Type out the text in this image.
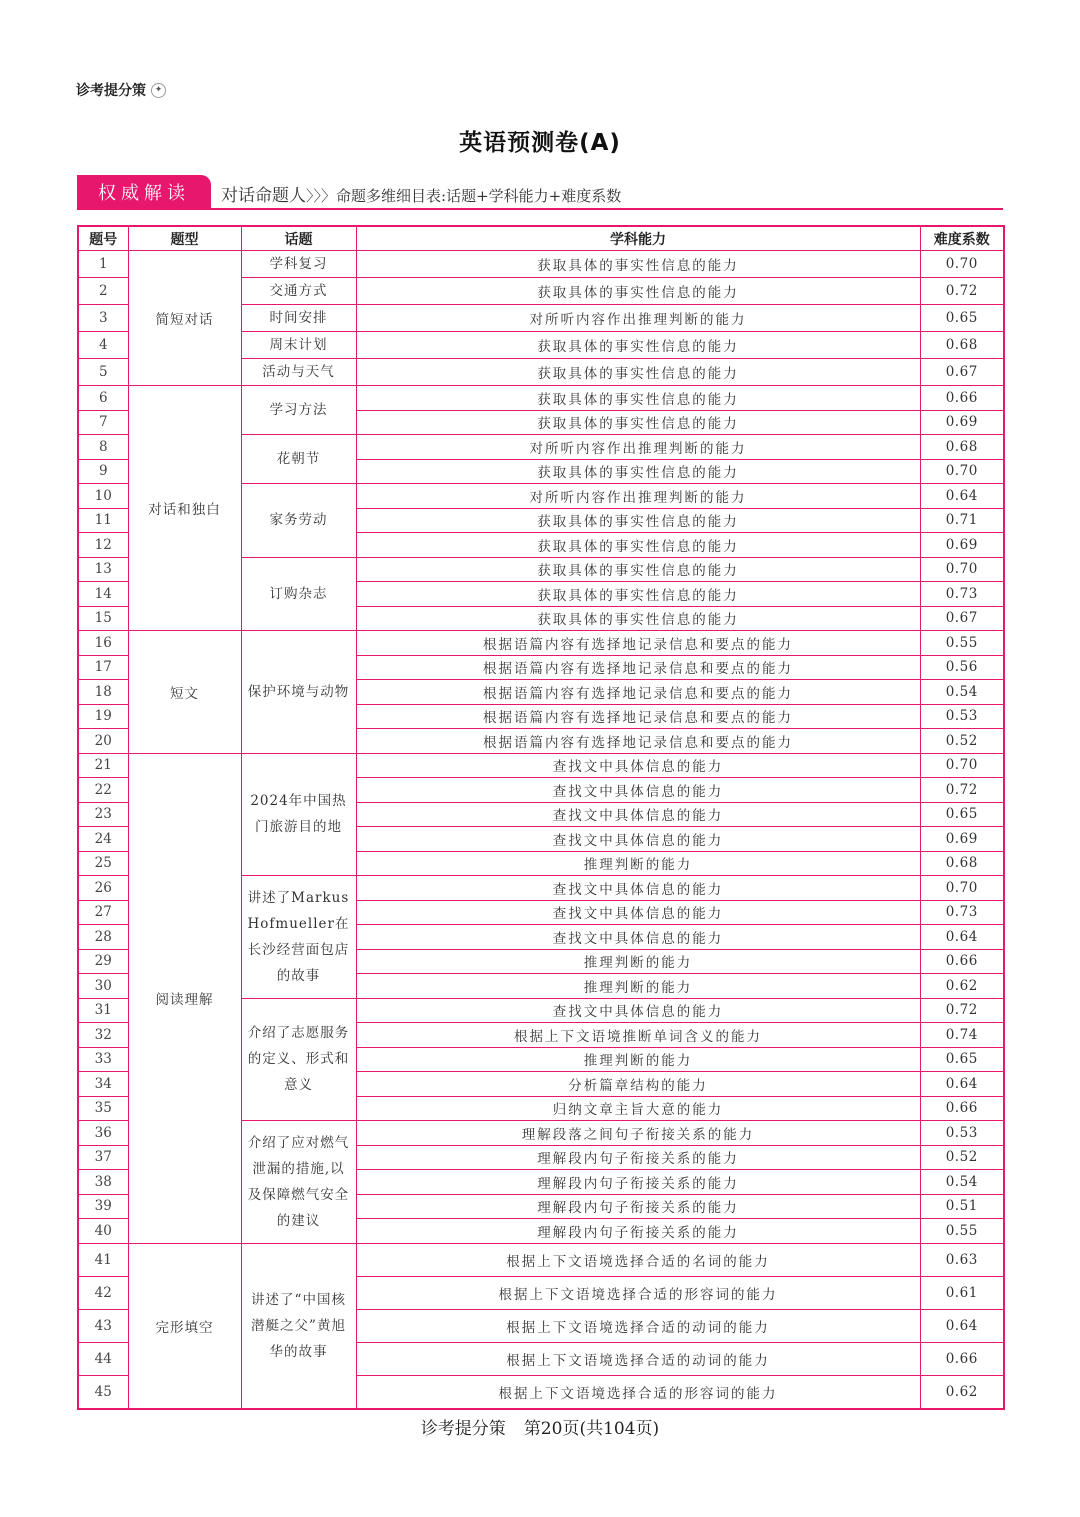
诊考提分策 ✦
英语预测卷(A)
权威解读	对话命题人〉〉〉命题多维细目表:话题+学科能力+难度系数
题号	题型	话题	学科能力	难度系数
1	简短对话	学科复习	获取具体的事实性信息的能力	0.70
2		交通方式	获取具体的事实性信息的能力	0.72
3		时间安排	对所听内容作出推理判断的能力	0.65
4		周末计划	获取具体的事实性信息的能力	0.68
5		活动与天气	获取具体的事实性信息的能力	0.67
6	对话和独白	学习方法	获取具体的事实性信息的能力	0.66
7			获取具体的事实性信息的能力	0.69
8		花朝节	对所听内容作出推理判断的能力	0.68
9			获取具体的事实性信息的能力	0.70
10		家务劳动	对所听内容作出推理判断的能力	0.64
11			获取具体的事实性信息的能力	0.71
12			获取具体的事实性信息的能力	0.69
13		订购杂志	获取具体的事实性信息的能力	0.70
14			获取具体的事实性信息的能力	0.73
15			获取具体的事实性信息的能力	0.67
16	短文	保护环境与动物	根据语篇内容有选择地记录信息和要点的能力	0.55
17			根据语篇内容有选择地记录信息和要点的能力	0.56
18			根据语篇内容有选择地记录信息和要点的能力	0.54
19			根据语篇内容有选择地记录信息和要点的能力	0.53
20			根据语篇内容有选择地记录信息和要点的能力	0.52
21	阅读理解	2024年中国热门旅游目的地	查找文中具体信息的能力	0.70
22			查找文中具体信息的能力	0.72
23			查找文中具体信息的能力	0.65
24			查找文中具体信息的能力	0.69
25			推理判断的能力	0.68
26		讲述了Markus Hofmueller在长沙经营面包店的故事	查找文中具体信息的能力	0.70
27			查找文中具体信息的能力	0.73
28			查找文中具体信息的能力	0.64
29			推理判断的能力	0.66
30			推理判断的能力	0.62
31		介绍了志愿服务的定义、形式和意义	查找文中具体信息的能力	0.72
32			根据上下文语境推断单词含义的能力	0.74
33			推理判断的能力	0.65
34			分析篇章结构的能力	0.64
35			归纳文章主旨大意的能力	0.66
36		介绍了应对燃气泄漏的措施,以及保障燃气安全的建议	理解段落之间句子衔接关系的能力	0.53
37			理解段内句子衔接关系的能力	0.52
38			理解段内句子衔接关系的能力	0.54
39			理解段内句子衔接关系的能力	0.51
40			理解段内句子衔接关系的能力	0.55
41	完形填空	讲述了“中国核潜艇之父”黄旭华的故事	根据上下文语境选择合适的名词的能力	0.63
42			根据上下文语境选择合适的形容词的能力	0.61
43			根据上下文语境选择合适的动词的能力	0.64
44			根据上下文语境选择合适的动词的能力	0.66
45			根据上下文语境选择合适的形容词的能力	0.62
诊考提分策 第20页(共104页)
